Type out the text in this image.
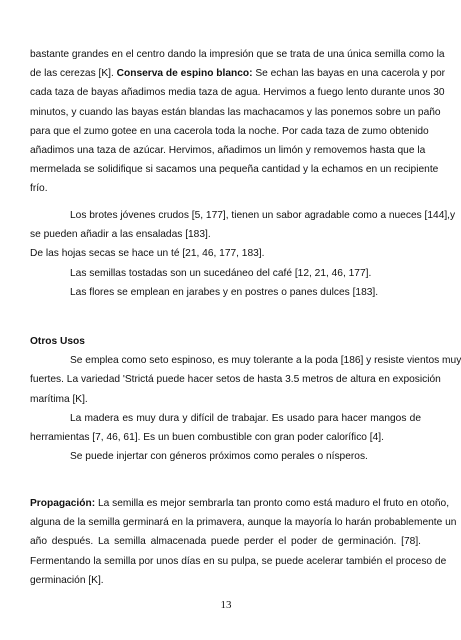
bastante grandes en el centro dando la impresión que se trata de una única semilla como la
de las cerezas [K]. Conserva de espino blanco: Se echan las bayas en una cacerola y por
cada taza de bayas añadimos media taza de agua. Hervimos a fuego lento durante unos 30
minutos, y cuando las bayas están blandas las machacamos y las ponemos sobre un paño
para que el zumo gotee en una cacerola toda la noche. Por cada taza de zumo obtenido
añadimos una taza de azúcar. Hervimos, añadimos un limón y removemos hasta que la
mermelada se solidifique si sacamos una pequeña cantidad y la echamos en un recipiente
frío.
Los brotes jóvenes crudos [5, 177], tienen un sabor agradable como a nueces [144],y
se pueden añadir a las ensaladas [183].
De las hojas secas se hace un té [21, 46, 177, 183].
Las semillas tostadas son un sucedáneo del café [12, 21, 46, 177].
Las flores se emplean en jarabes y en postres o panes dulces [183].
Otros Usos
Se emplea como seto espinoso, es muy tolerante a la poda [186] y resiste vientos muy
fuertes. La variedad 'Strictá puede hacer setos de hasta 3.5 metros de altura en exposición
marítima [K].
La madera es muy dura y difícil de trabajar. Es usado para hacer mangos de
herramientas [7, 46, 61]. Es un buen combustible con gran poder calorífico [4].
Se puede injertar con géneros próximos como perales o nísperos.
Propagación: La semilla es mejor sembrarla tan pronto como está maduro el fruto en otoño,
alguna de la semilla germinará en la primavera, aunque la mayoría lo harán probablemente un
año después. La semilla almacenada puede perder el poder de germinación. [78].
Fermentando la semilla por unos días en su pulpa, se puede acelerar también el proceso de
germinación [K].
13
